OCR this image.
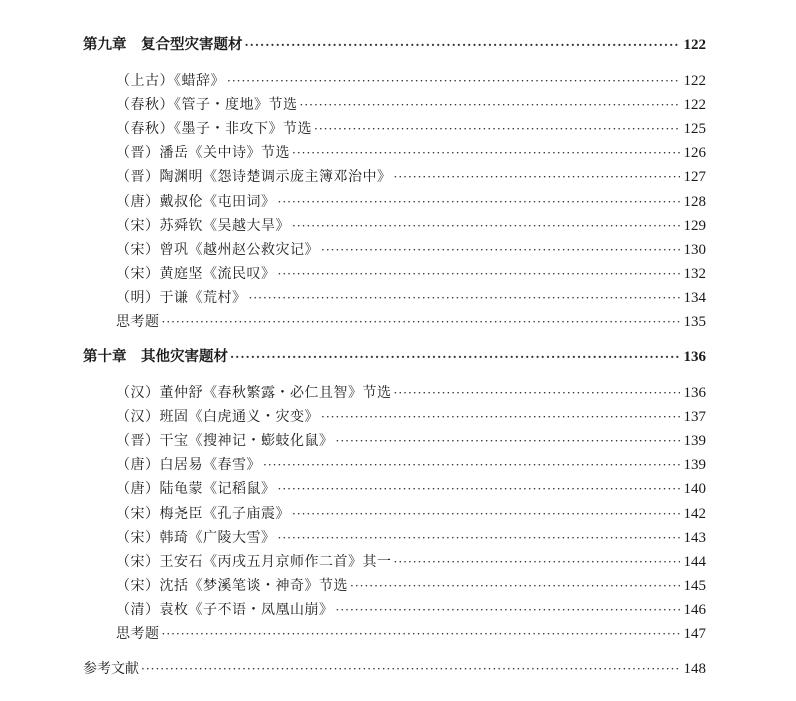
第九章　复合型灾害题材 ·····	122
（上古）《蜡辞》 ·····	122
（春秋）《管子・度地》节选 ·····	122
（春秋）《墨子・非攻下》节选 ·····	125
（晋）潘岳《关中诗》节选 ·····	126
（晋）陶渊明《怨诗楚调示庞主簿邓治中》 ·····	127
（唐）戴叔伦《屯田词》 ·····	128
（宋）苏舜钦《吴越大旱》 ·····	129
（宋）曾巩《越州赵公救灾记》 ·····	130
（宋）黄庭坚《流民叹》 ·····	132
（明）于谦《荒村》 ·····	134
思考题 ·····	135
第十章　其他灾害题材 ·····	136
（汉）董仲舒《春秋繁露・必仁且智》节选 ·····	136
（汉）班固《白虎通义・灾变》 ·····	137
（晋）干宝《搜神记・蟛蚑化鼠》 ·····	139
（唐）白居易《春雪》 ·····	139
（唐）陆龟蒙《记稻鼠》 ·····	140
（宋）梅尧臣《孔子庙震》 ·····	142
（宋）韩琦《广陵大雪》 ·····	143
（宋）王安石《丙戌五月京师作二首》其一 ·····	144
（宋）沈括《梦溪笔谈・神奇》节选 ·····	145
（清）袁枚《子不语・凤凰山崩》 ·····	146
思考题 ·····	147
参考文献 ·····	148
